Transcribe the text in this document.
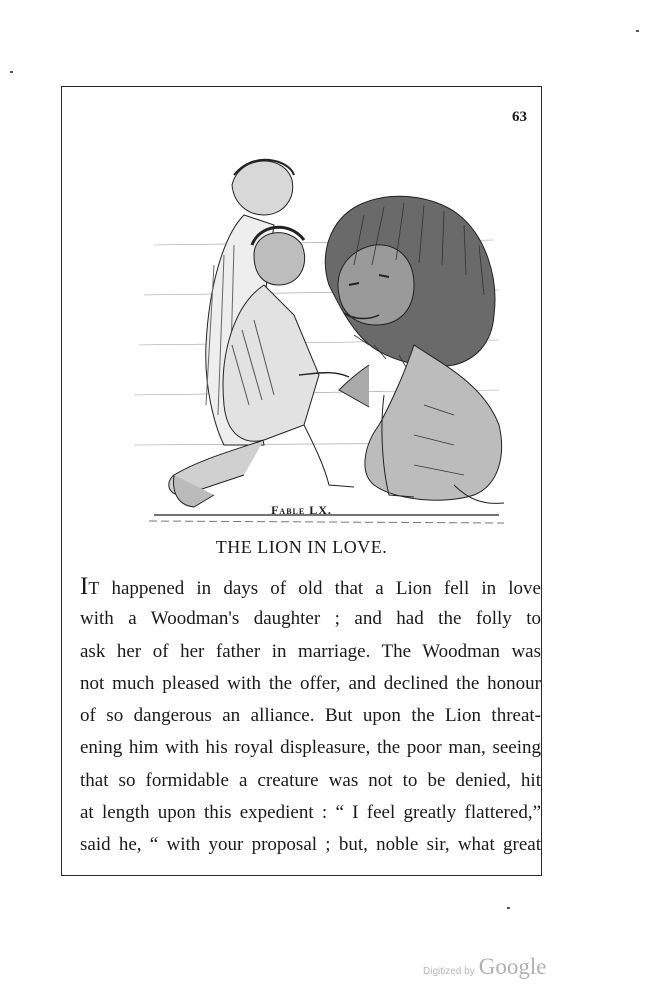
63
Fable LX.
THE LION IN LOVE.
It happened in days of old that a Lion fell in love
with a Woodman's daughter ; and had the folly to
ask her of her father in marriage. The Woodman was
not much pleased with the offer, and declined the honour
of so dangerous an alliance. But upon the Lion threat-
ening him with his royal displeasure, the poor man, seeing
that so formidable a creature was not to be denied, hit
at length upon this expedient : “ I feel greatly flattered,”
said he, “ with your proposal ; but, noble sir, what great
Digitized by Google
